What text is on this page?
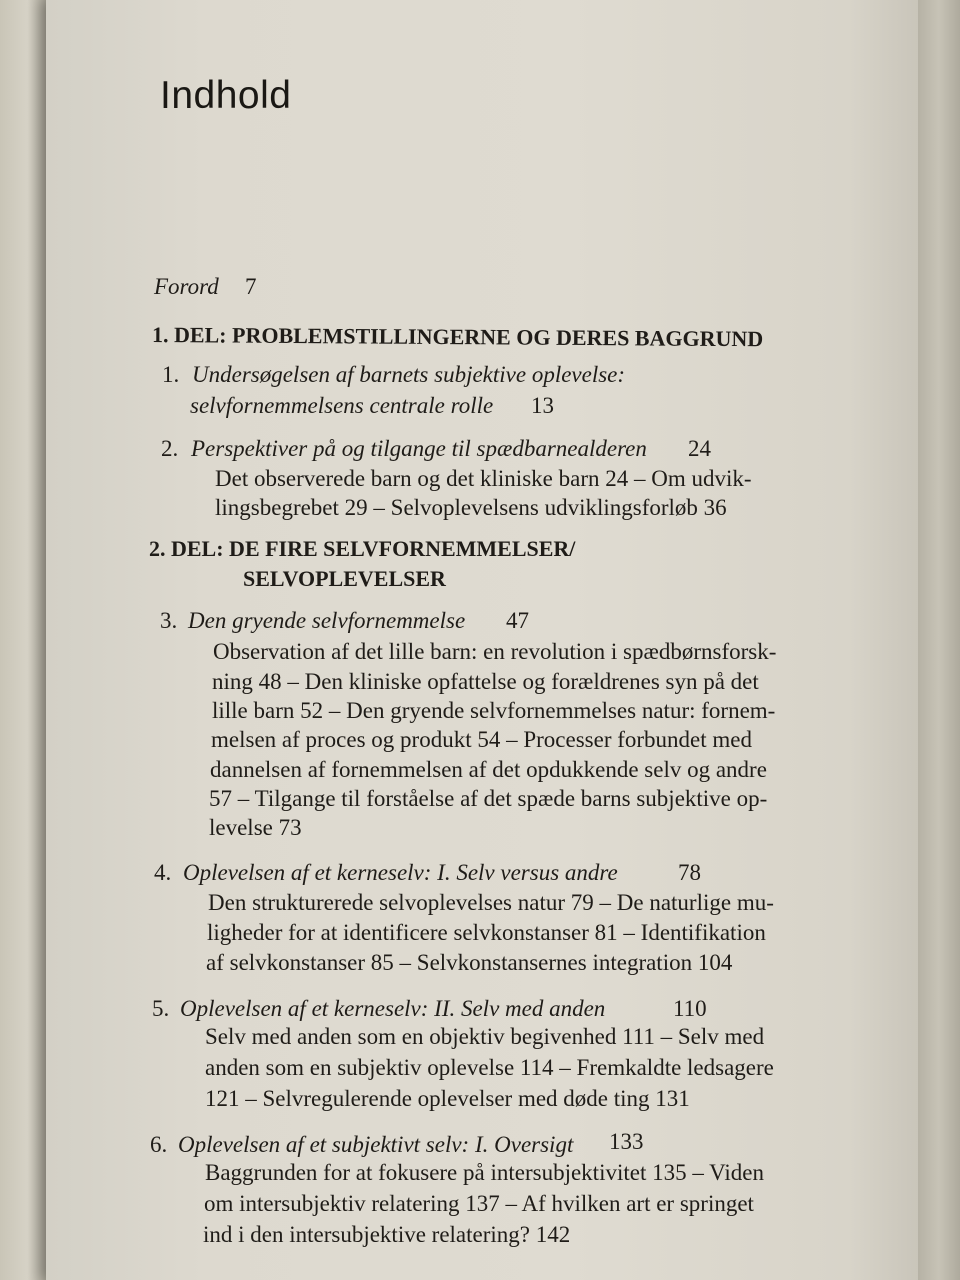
Indhold
Forord 7
1. DEL: PROBLEMSTILLINGERNE OG DERES BAGGRUND
1. Undersøgelsen af barnets subjektive oplevelse:
selvfornemmelsens centrale rolle 13
2. Perspektiver på og tilgange til spædbarnealderen 24
Det observerede barn og det kliniske barn 24 – Om udvik-
lingsbegrebet 29 – Selvoplevelsens udviklingsforløb 36
2. DEL: DE FIRE SELVFORNEMMELSER/
SELVOPLEVELSER
3. Den gryende selvfornemmelse 47
Observation af det lille barn: en revolution i spædbørnsforsk-
ning 48 – Den kliniske opfattelse og forældrenes syn på det
lille barn 52 – Den gryende selvfornemmelses natur: fornem-
melsen af proces og produkt 54 – Processer forbundet med
dannelsen af fornemmelsen af det opdukkende selv og andre
57 – Tilgange til forståelse af det spæde barns subjektive op-
levelse 73
4. Oplevelsen af et kerneselv: I. Selv versus andre	78
Den strukturerede selvoplevelses natur 79 – De naturlige mu-
ligheder for at identificere selvkonstanser 81 – Identifikation
af selvkonstanser 85 – Selvkonstansernes integration 104
5. Oplevelsen af et kerneselv: II. Selv med anden	110
Selv med anden som en objektiv begivenhed 111 – Selv med
anden som en subjektiv oplevelse 114 – Fremkaldte ledsagere
121 – Selvregulerende oplevelser med døde ting 131
6. Oplevelsen af et subjektivt selv: I. Oversigt 133
Baggrunden for at fokusere på intersubjektivitet 135 – Viden
om intersubjektiv relatering 137 – Af hvilken art er springet
ind i den intersubjektive relatering? 142
